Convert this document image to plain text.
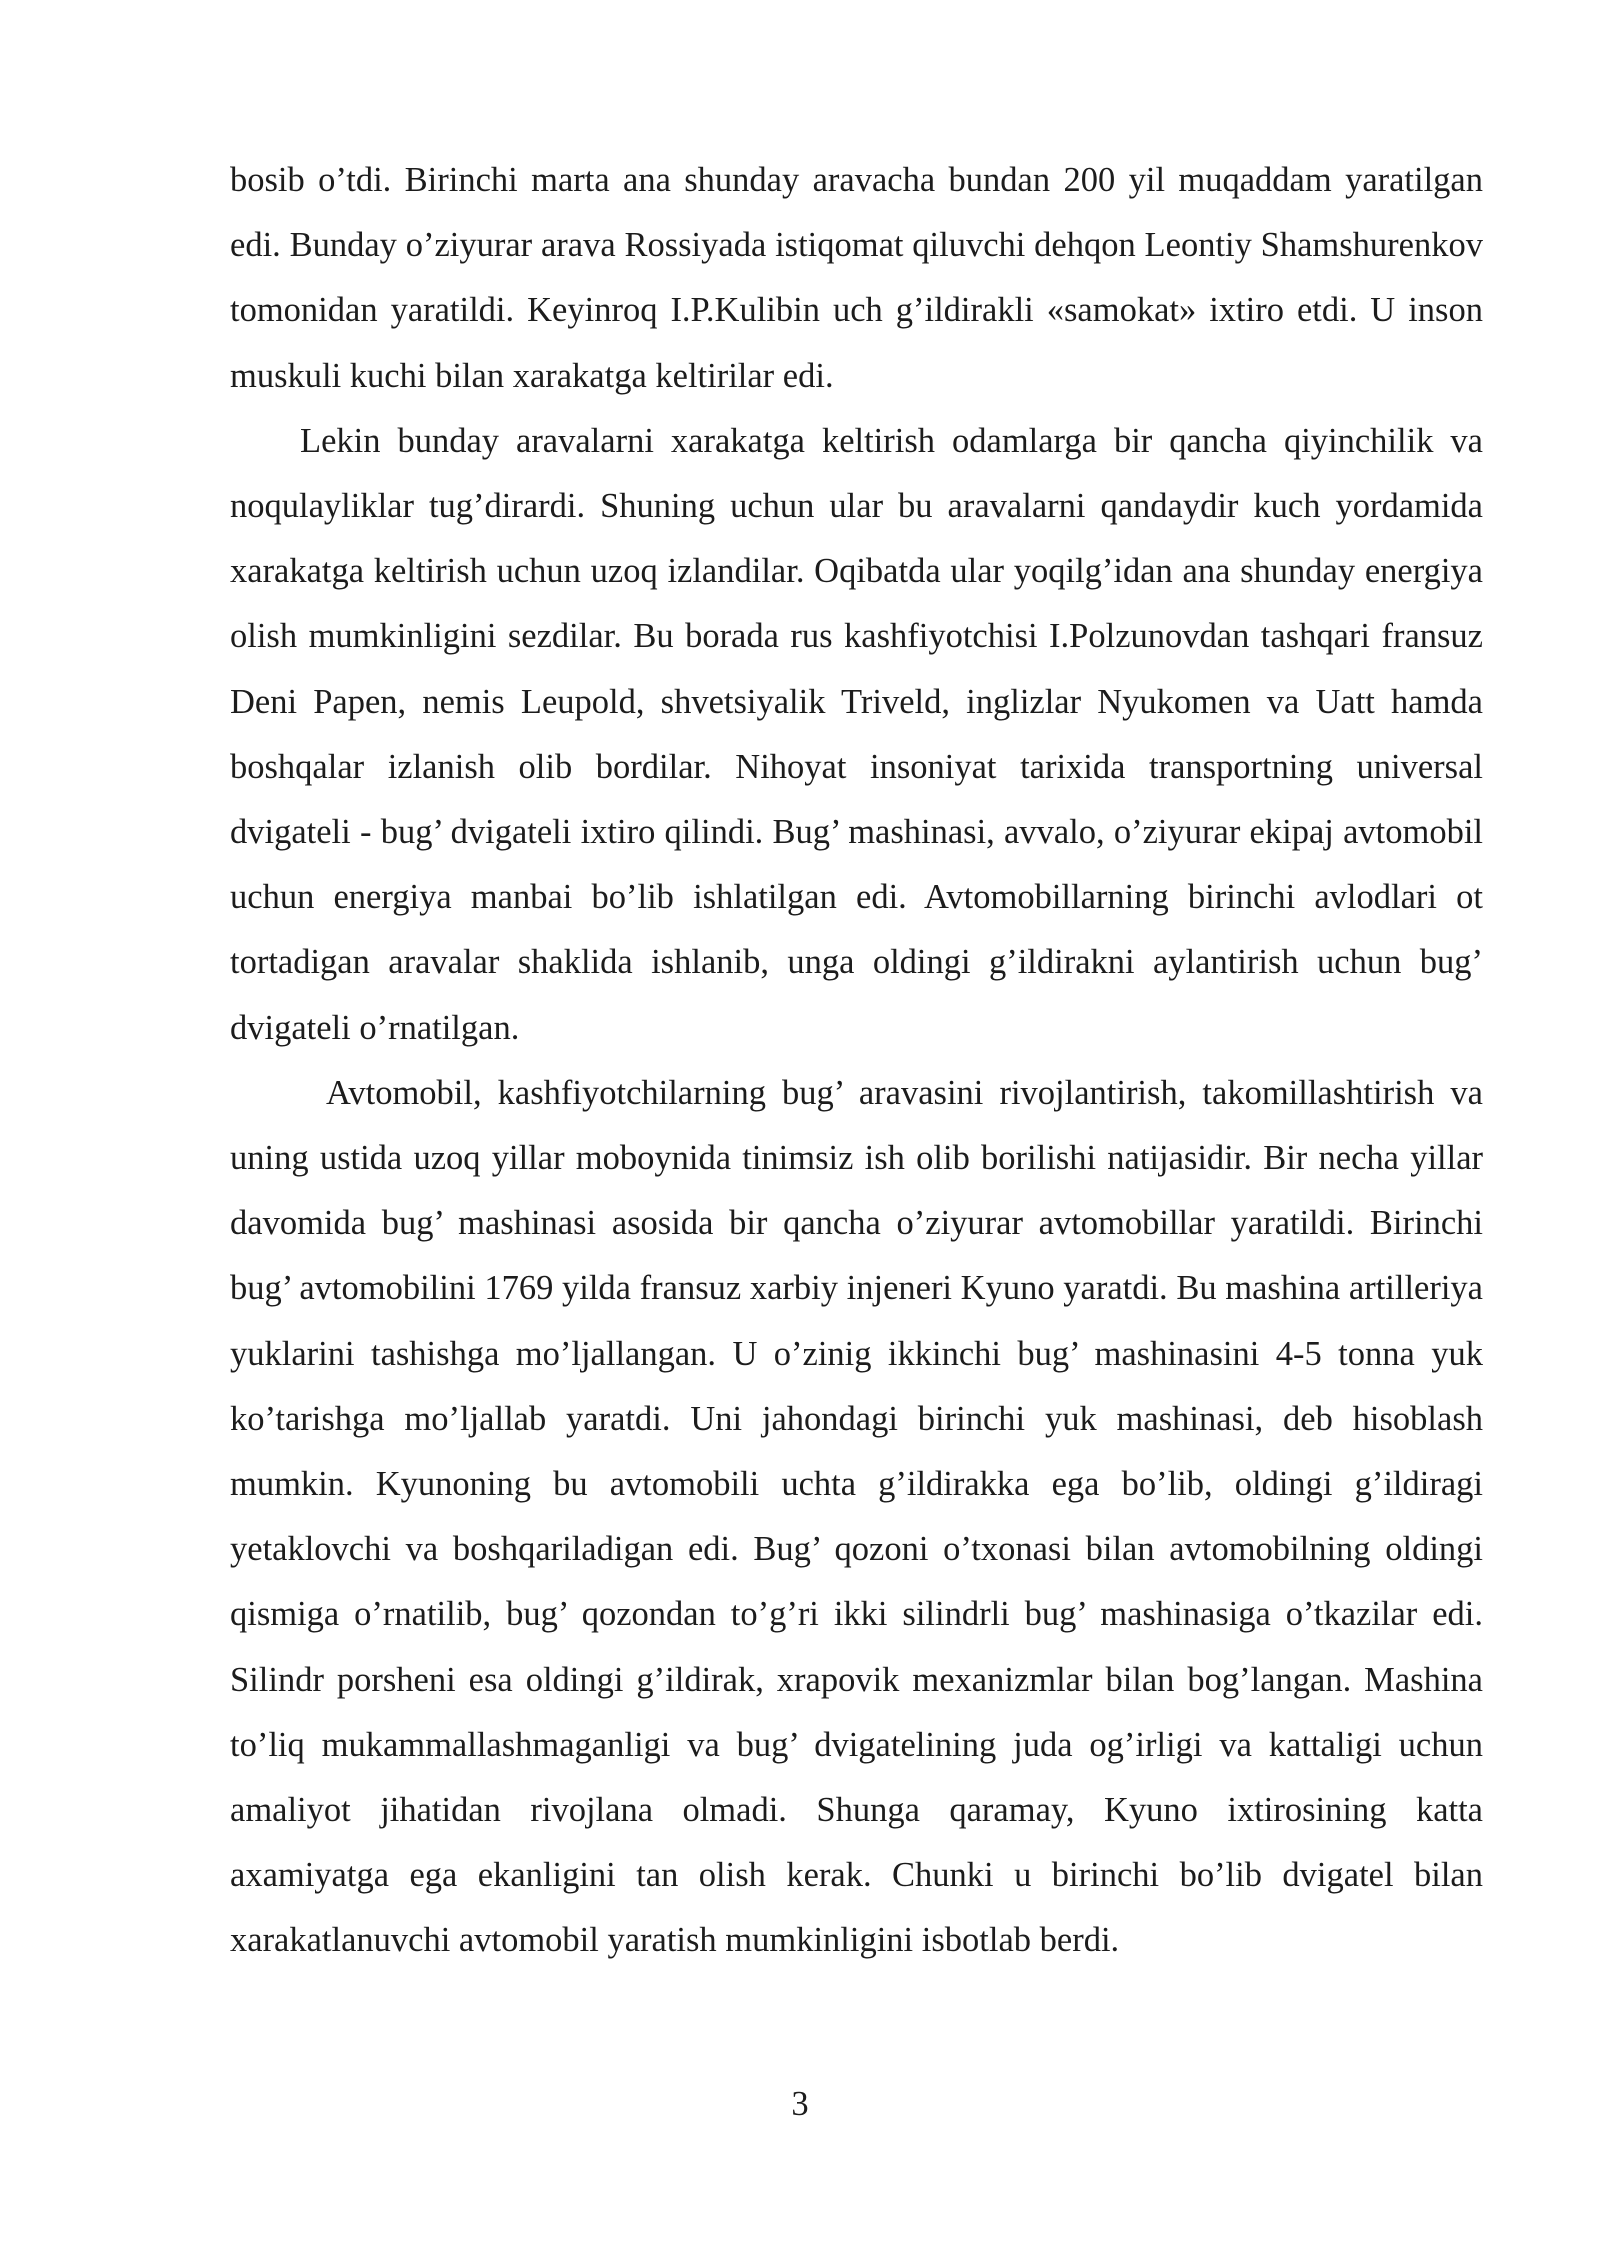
bosib o’tdi. Birinchi marta ana shunday aravacha bundan 200 yil muqaddam yaratilgan edi. Bunday o’ziyurar arava Rossiyada istiqomat qiluvchi dehqon Leontiy Shamshurenkov tomonidan yaratildi. Keyinroq I.P.Kulibin uch g’ildirakli «samokat» ixtiro etdi. U inson muskuli kuchi bilan xarakatga keltirilar edi.

Lekin bunday aravalarni xarakatga keltirish odamlarga bir qancha qiyinchilik va noqulayliklar tug’dirardi. Shuning uchun ular bu aravalarni qandaydir kuch yordamida xarakatga keltirish uchun uzoq izlandilar. Oqibatda ular yoqilg’idan ana shunday energiya olish mumkinligini sezdilar. Bu borada rus kashfiyotchisi I.Polzunovdan tashqari fransuz Deni Papen, nemis Leupold, shvetsiyalik Triveld, inglizlar Nyukomen va Uatt hamda boshqalar izlanish olib bordilar. Nihoyat insoniyat tarixida transportning universal dvigateli - bug’ dvigateli ixtiro qilindi. Bug’ mashinasi, avvalo, o’ziyurar ekipaj avtomobil uchun energiya manbai bo’lib ishlatilgan edi. Avtomobillarning birinchi avlodlari ot tortadigan aravalar shaklida ishlanib, unga oldingi g’ildirakni aylantirish uchun bug’ dvigateli o’rnatilgan.

Avtomobil, kashfiyotchilarning bug’ aravasini rivojlantirish, takomillashtirish va uning ustida uzoq yillar moboynida tinimsiz ish olib borilishi natijasidir. Bir necha yillar davomida bug’ mashinasi asosida bir qancha o’ziyurar avtomobillar yaratildi. Birinchi bug’ avtomobilini 1769 yilda fransuz xarbiy injeneri Kyuno yaratdi. Bu mashina artilleriya yuklarini tashishga mo’ljallangan. U o’zinig ikkinchi bug’ mashinasini 4-5 tonna yuk ko’tarishga mo’ljallab yaratdi. Uni jahondagi birinchi yuk mashinasi, deb hisoblash mumkin. Kyunoning bu avtomobili uchta g’ildirakka ega bo’lib, oldingi g’ildiragi yetaklovchi va boshqariladigan edi. Bug’ qozoni o’txonasi bilan avtomobilning oldingi qismiga o’rnatilib, bug’ qozondan to’g’ri ikki silindrli bug’ mashinasiga o’tkazilar edi. Silindr porsheni esa oldingi g’ildirak, xrapovik mexanizmlar bilan bog’langan. Mashina to’liq mukammallashmaganligi va bug’ dvigatelining juda og’irligi va kattaligi uchun amaliyot jihatidan rivojlana olmadi. Shunga qaramay, Kyuno ixtirosining katta axamiyatga ega ekanligini tan olish kerak. Chunki u birinchi bo’lib dvigatel bilan xarakatlanuvchi avtomobil yaratish mumkinligini isbotlab berdi.

3
